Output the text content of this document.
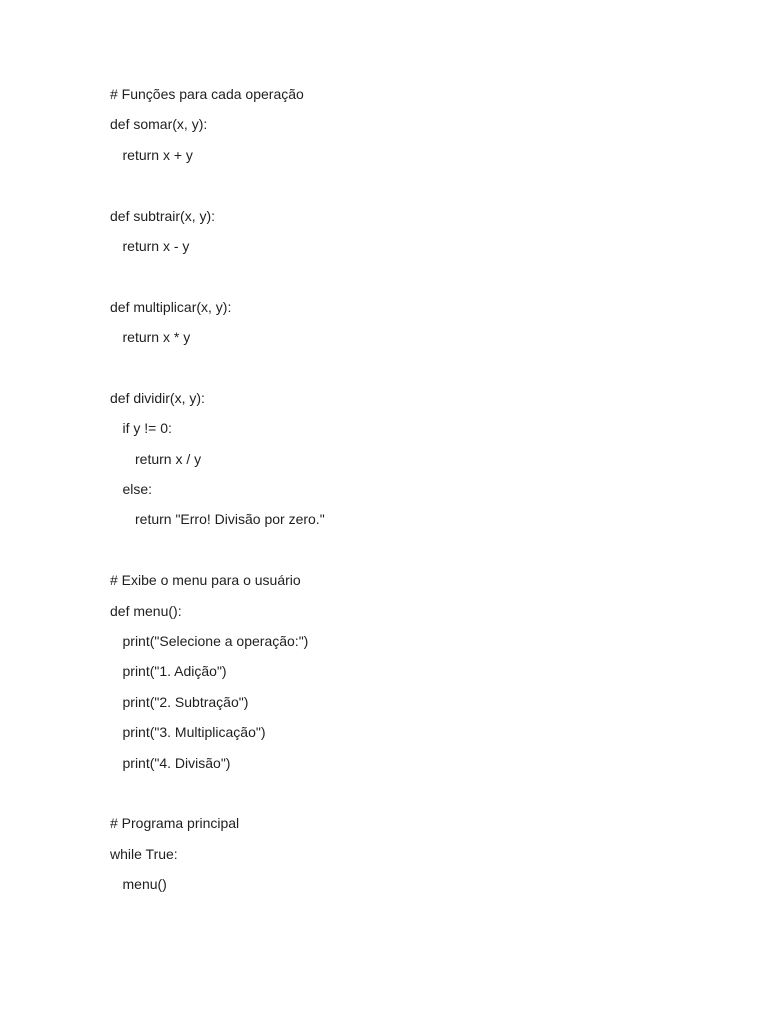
# Funções para cada operação
def somar(x, y):
return x + y
def subtrair(x, y):
return x - y
def multiplicar(x, y):
return x * y
def dividir(x, y):
if y != 0:
return x / y
else:
return "Erro! Divisão por zero."
# Exibe o menu para o usuário
def menu():
print("Selecione a operação:")
print("1. Adição")
print("2. Subtração")
print("3. Multiplicação")
print("4. Divisão")
# Programa principal
while True:
menu()
